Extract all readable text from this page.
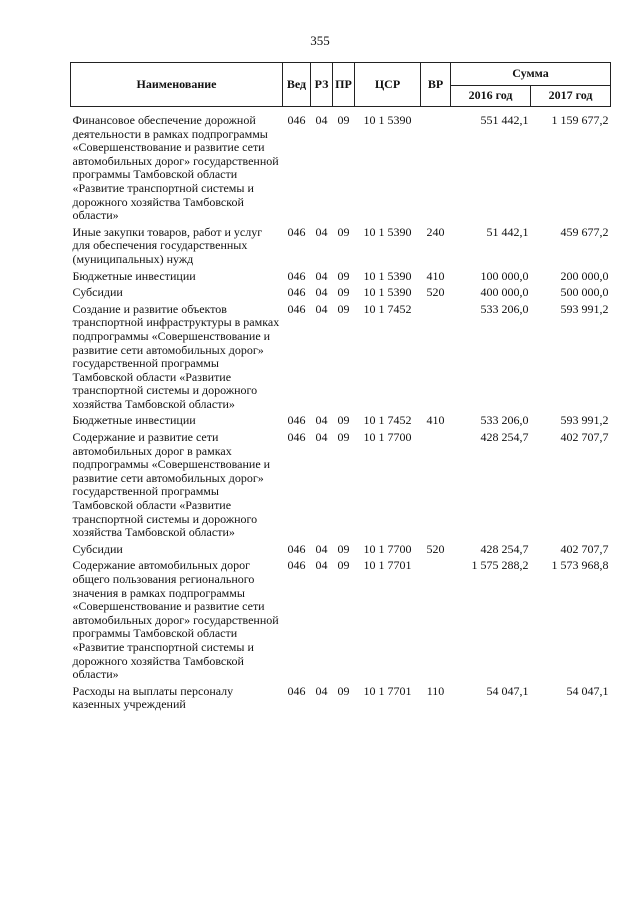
355
Наименование	Вед	РЗ	ПР	ЦСР	ВР	Сумма	
						2016 год	2017 год
Финансовое обеспечение дорожной деятельности в рамках подпрограммы «Совершенствование и развитие сети автомобильных дорог» государственной программы Тамбовской области «Развитие транспортной системы и дорожного хозяйства Тамбовской области»	046	04	09	10 1 5390		551 442,1	1 159 677,2
Иные закупки товаров, работ и услуг для обеспечения государственных (муниципальных) нужд	046	04	09	10 1 5390	240	51 442,1	459 677,2
Бюджетные инвестиции	046	04	09	10 1 5390	410	100 000,0	200 000,0
Субсидии	046	04	09	10 1 5390	520	400 000,0	500 000,0
Создание и развитие объектов транспортной инфраструктуры в рамках подпрограммы «Совершенствование и развитие сети автомобильных дорог» государственной программы Тамбовской области «Развитие транспортной системы и дорожного хозяйства Тамбовской области»	046	04	09	10 1 7452		533 206,0	593 991,2
Бюджетные инвестиции	046	04	09	10 1 7452	410	533 206,0	593 991,2
Содержание и развитие сети автомобильных дорог в рамках подпрограммы «Совершенствование и развитие сети автомобильных дорог» государственной программы Тамбовской области «Развитие транспортной системы и дорожного хозяйства Тамбовской области»	046	04	09	10 1 7700		428 254,7	402 707,7
Субсидии	046	04	09	10 1 7700	520	428 254,7	402 707,7
Содержание автомобильных дорог общего пользования регионального значения в рамках подпрограммы «Совершенствование и развитие сети автомобильных дорог» государственной программы Тамбовской области «Развитие транспортной системы и дорожного хозяйства Тамбовской области»	046	04	09	10 1 7701		1 575 288,2	1 573 968,8
Расходы на выплаты персоналу казенных учреждений	046	04	09	10 1 7701	110	54 047,1	54 047,1
